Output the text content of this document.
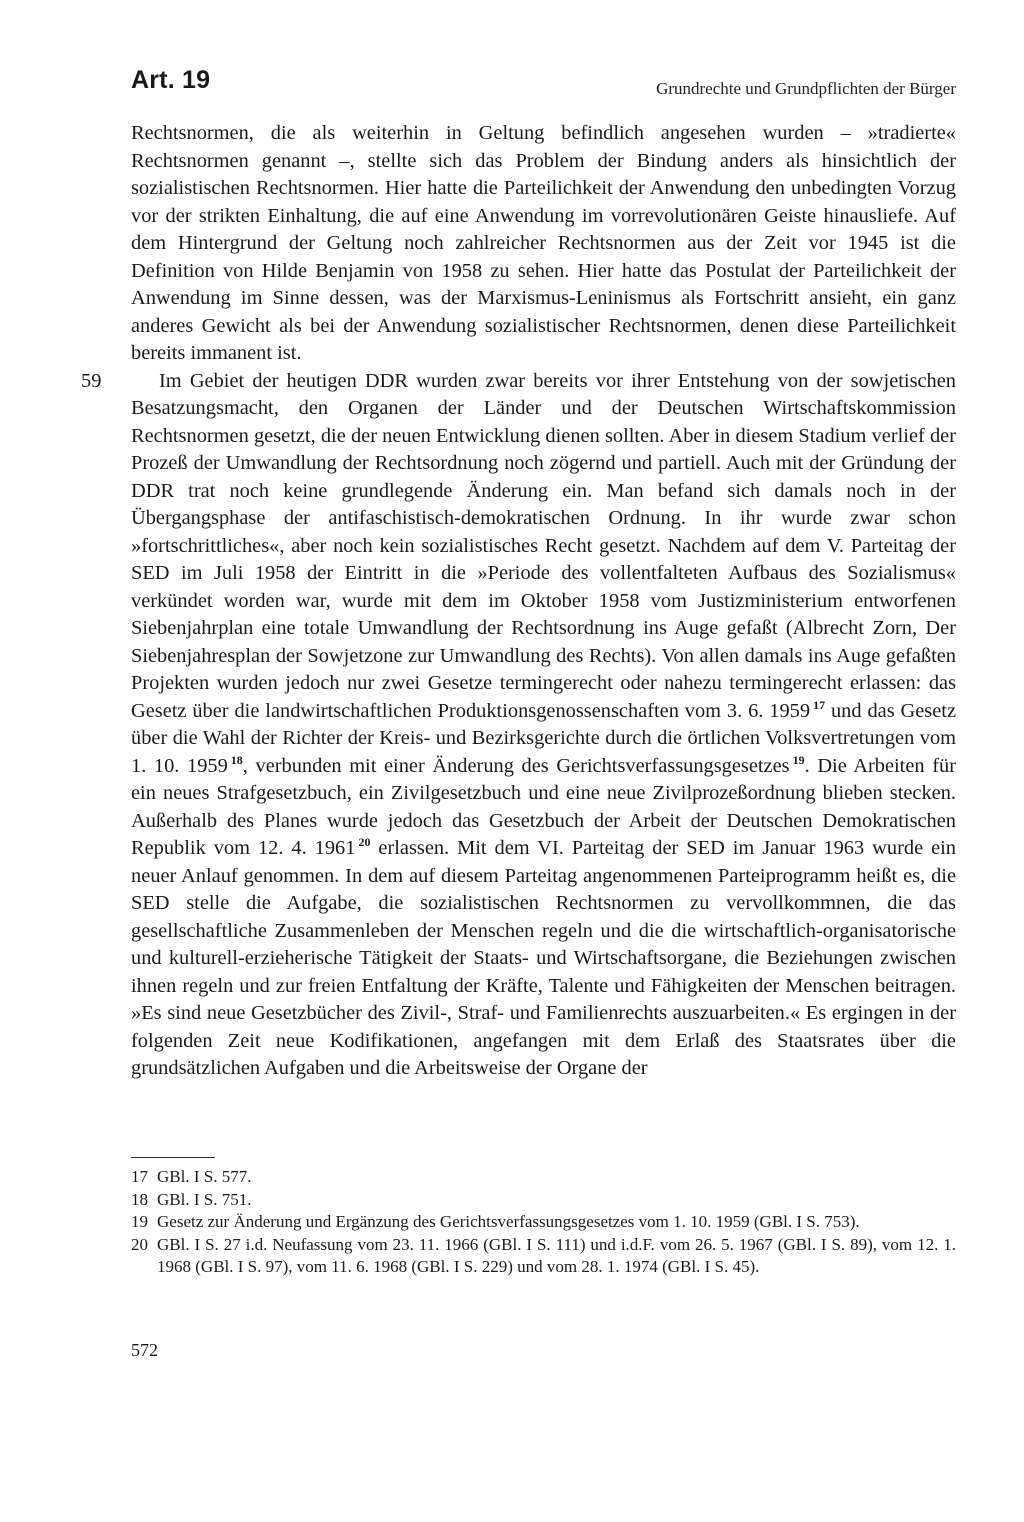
Art. 19	Grundrechte und Grundpflichten der Bürger

Rechtsnormen, die als weiterhin in Geltung befindlich angesehen wurden – »tradierte« Rechtsnormen genannt –, stellte sich das Problem der Bindung anders als hinsichtlich der sozialistischen Rechtsnormen. Hier hatte die Parteilichkeit der Anwendung den unbedingten Vorzug vor der strikten Einhaltung, die auf eine Anwendung im vorrevolutionären Geiste hinausliefe. Auf dem Hintergrund der Geltung noch zahlreicher Rechtsnormen aus der Zeit vor 1945 ist die Definition von Hilde Benjamin von 1958 zu sehen. Hier hatte das Postulat der Parteilichkeit der Anwendung im Sinne dessen, was der Marxismus-Leninismus als Fortschritt ansieht, ein ganz anderes Gewicht als bei der Anwendung sozialistischer Rechtsnormen, denen diese Parteilichkeit bereits immanent ist.

59	Im Gebiet der heutigen DDR wurden zwar bereits vor ihrer Entstehung von der sowjetischen Besatzungsmacht, den Organen der Länder und der Deutschen Wirtschaftskommission Rechtsnormen gesetzt, die der neuen Entwicklung dienen sollten. Aber in diesem Stadium verlief der Prozeß der Umwandlung der Rechtsordnung noch zögernd und partiell. Auch mit der Gründung der DDR trat noch keine grundlegende Änderung ein. Man befand sich damals noch in der Übergangsphase der antifaschistisch-demokratischen Ordnung. In ihr wurde zwar schon »fortschrittliches«, aber noch kein sozialistisches Recht gesetzt. Nachdem auf dem V. Parteitag der SED im Juli 1958 der Eintritt in die »Periode des vollentfalteten Aufbaus des Sozialismus« verkündet worden war, wurde mit dem im Oktober 1958 vom Justizministerium entworfenen Siebenjahrplan eine totale Umwandlung der Rechtsordnung ins Auge gefaßt (Albrecht Zorn, Der Siebenjahresplan der Sowjetzone zur Umwandlung des Rechts). Von allen damals ins Auge gefaßten Projekten wurden jedoch nur zwei Gesetze termingerecht oder nahezu termingerecht erlassen: das Gesetz über die landwirtschaftlichen Produktionsgenossenschaften vom 3. 6. 1959 $^{17}$ und das Gesetz über die Wahl der Richter der Kreis- und Bezirksgerichte durch die örtlichen Volksvertretungen vom 1. 10. 1959 $^{18}$, verbunden mit einer Änderung des Gerichtsverfassungsgesetzes $^{19}$. Die Arbeiten für ein neues Strafgesetzbuch, ein Zivilgesetzbuch und eine neue Zivilprozeßordnung blieben stecken. Außerhalb des Planes wurde jedoch das Gesetzbuch der Arbeit der Deutschen Demokratischen Republik vom 12. 4. 1961 $^{20}$ erlassen. Mit dem VI. Parteitag der SED im Januar 1963 wurde ein neuer Anlauf genommen. In dem auf diesem Parteitag angenommenen Parteiprogramm heißt es, die SED stelle die Aufgabe, die sozialistischen Rechtsnormen zu vervollkommnen, die das gesellschaftliche Zusammenleben der Menschen regeln und die die wirtschaftlich-organisatorische und kulturell-erzieherische Tätigkeit der Staats- und Wirtschaftsorgane, die Beziehungen zwischen ihnen regeln und zur freien Entfaltung der Kräfte, Talente und Fähigkeiten der Menschen beitragen. »Es sind neue Gesetzbücher des Zivil-, Straf- und Familienrechts auszuarbeiten.« Es ergingen in der folgenden Zeit neue Kodifikationen, angefangen mit dem Erlaß des Staatsrates über die grundsätzlichen Aufgaben und die Arbeitsweise der Organe der

17 GBl. I S. 577.
18 GBl. I S. 751.
19 Gesetz zur Änderung und Ergänzung des Gerichtsverfassungsgesetzes vom 1. 10. 1959 (GBl. I S. 753).
20 GBl. I S. 27 i.d. Neufassung vom 23. 11. 1966 (GBl. I S. 111) und i.d.F. vom 26. 5. 1967 (GBl. I S. 89), vom 12. 1. 1968 (GBl. I S. 97), vom 11. 6. 1968 (GBl. I S. 229) und vom 28. 1. 1974 (GBl. I S. 45).
572
